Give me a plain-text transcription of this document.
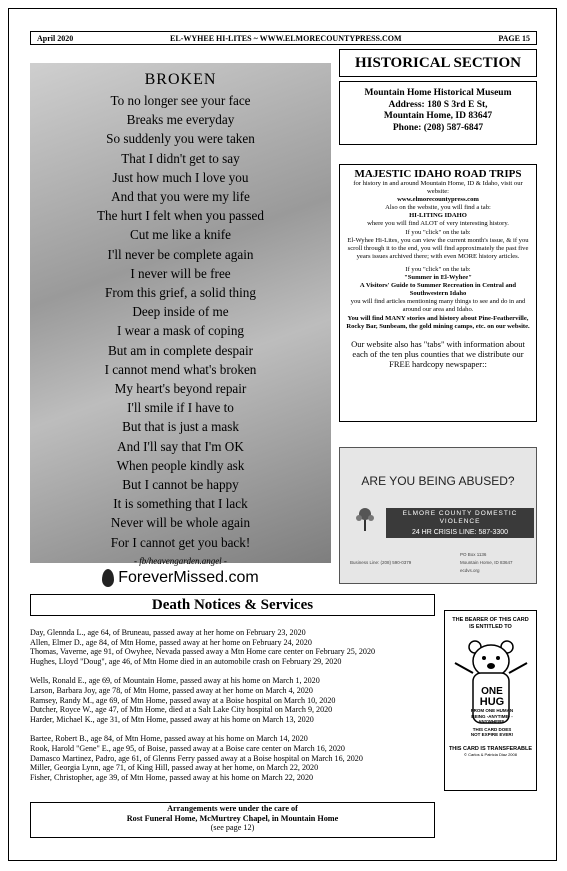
April 2020	EL-WYHEE HI-LITES ~ WWW.ELMORECOUNTYPRESS.COM	PAGE 15
BROKEN
To no longer see your face
Breaks me everyday
So suddenly you were taken
That I didn't get to say
Just how much I love you
And that you were my life
The hurt I felt when you passed
Cut me like a knife
I'll never be complete again
I never will be free
From this grief, a solid thing
Deep inside of me
I wear a mask of coping
But am in complete despair
I cannot mend what's broken
My heart's beyond repair
I'll smile if I have to
But that is just a mask
And I'll say that I'm OK
When people kindly ask
But I cannot be happy
It is something that I lack
Never will be whole again
For I cannot get you back!
- fb/heavengarden.angel -
ForeverMissed.com
HISTORICAL SECTION
Mountain Home Historical Museum
Address: 180 S 3rd E St,
Mountain Home, ID 83647
Phone: (208) 587-6847
MAJESTIC IDAHO ROAD TRIPS
for history in and around Mountain Home, ID & Idaho, visit our website:
www.elmorecountypress.com
Also on the website, you will find a tab:
HI-LITING IDAHO
where you will find ALOT of very interesting history.
If you "click" on the tab:
El-Wyhee Hi-Lites, you can view the current month's issue, & if you scroll through it to the end, you will find approximately the past five years issues archived there; with even MORE history articles.
If you "click" on the tab:
"Summer in El-Wyhee"
A Visitors' Guide to Summer Recreation in Central and Southwestern Idaho
you will find articles mentioning many things to see and do in and around our area and Idaho.
You will find MANY stories and history about Pine-Featherville, Rocky Bar, Sunbeam, the gold mining camps, etc. on our website.
Our website also has "tabs" with information about each of the ten plus counties that we distribute our FREE hardcopy newspaper::
ARE YOU BEING ABUSED?
ELMORE COUNTY DOMESTIC VIOLENCE
24 HR CRISIS LINE: 587-3300
Business Line: (208) 590-0379
PO Box 1136
Mountain Home, ID 83647
ecdvs.org
Death Notices & Services
Day, Glennda L., age 64, of Bruneau, passed away at her home on February 23, 2020
Allen, Elmer D., age 84, of Mtn Home, passed away at her home on February 24, 2020
Thomas, Vaverne, age 91, of Owyhee, Nevada passed away a Mtn Home care center on February 25, 2020
Hughes, Lloyd "Doug", age 46, of Mtn Home died in an automobile crash on February 29, 2020
Wells, Ronald E., age 69, of Mountain Home, passed away at his home on March 1, 2020
Larson, Barbara Joy, age 78, of Mtn Home, passed away at her home on March 4, 2020
Ramsey, Randy M., age 69, of Mtn Home, passed away at a Boise hospital on March 10, 2020
Dutcher, Royce W., age 47, of Mtn Home, died at a Salt Lake City hospital on March 9, 2020
Harder, Michael K., age 31, of Mtn Home, passed away at his home on March 13, 2020
Bartee, Robert B., age 84, of Mtn Home, passed away at his home on March 14, 2020
Rook, Harold "Gene" E., age 95, of Boise, passed away at a Boise care center on March 16, 2020
Damasco Martinez, Padro, age 61, of Glenns Ferry passed away at a Boise hospital on March 16, 2020
Miller, Georgia Lynn, age 71, of King Hill, passed away at her home, on March 22, 2020
Fisher, Christopher, age 39, of Mtn Home, passed away at his home on March 22, 2020
THE BEARER OF THIS CARD IS ENTITLED TO
ONE
HUG
FROM ONE HUMAN BEING -ANYTIME- -ANYWHERE-
THIS CARD DOES NOT EXPIRE EVER!
THIS CARD IS TRANSFERABLE
© Carlos & Patricia Diaz 2008
Arrangements were under the care of
Rost Funeral Home, McMurtrey Chapel, in Mountain Home
(see page 12)
